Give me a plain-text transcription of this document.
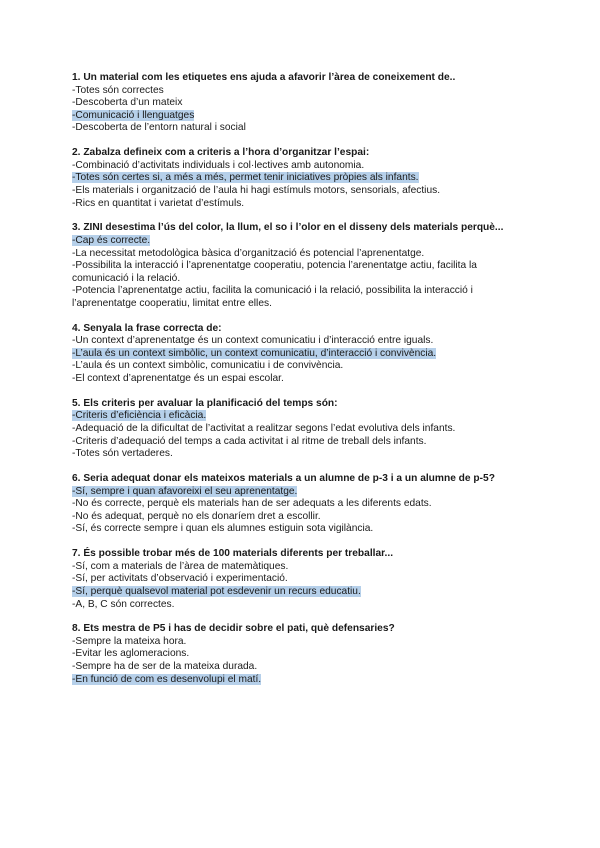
1. Un material com les etiquetes ens ajuda a afavorir l’àrea de coneixement de..
-Totes són correctes
-Descoberta d’un mateix
-Comunicació i llenguatges
-Descoberta de l’entorn natural i social
2. Zabalza defineix com a criteris a l’hora d’organitzar l’espai:
-Combinació d’activitats individuals i col·lectives amb autonomia.
-Totes són certes si, a més a més, permet tenir iniciatives pròpies als infants.
-Els materials i organització de l’aula hi hagi estímuls motors, sensorials, afectius.
-Rics en quantitat i varietat d’estímuls.
3. ZINI desestima l’ús del color, la llum, el so i l’olor en el disseny dels materials perquè...
-Cap és correcte.
-La necessitat metodològica bàsica d’organització és potencial l’aprenentatge.
-Possibilita la interacció i l’aprenentatge cooperatiu, potencia l’arenentatge actiu, facilita la comunicació i la relació.
-Potencia l’aprenentatge actiu, facilita la comunicació i la relació, possibilita la interacció i l’aprenentatge cooperatiu, limitat entre elles.
4. Senyala la frase correcta de:
-Un context d’aprenentatge és un context comunicatiu i d’interacció entre iguals.
-L’aula és un context simbòlic, un context comunicatiu, d’interacció i convivència.
-L’aula és un context simbòlic, comunicatiu i de convivència.
-El context d’aprenentatge és un espai escolar.
5. Els criteris per avaluar la planificació del temps són:
-Criteris d’eficiència i eficàcia.
-Adequació de la dificultat de l’activitat a realitzar segons l’edat evolutiva dels infants.
-Criteris d’adequació del temps a cada activitat i al ritme de treball dels infants.
-Totes són vertaderes.
6. Seria adequat donar els mateixos materials a un alumne de p-3 i a un alumne de p-5?
-Sí, sempre i quan afavoreixi el seu aprenentatge.
-No és correcte, perquè els materials han de ser adequats a les diferents edats.
-No és adequat, perquè no els donaríem dret a escollir.
-Sí, és correcte sempre i quan els alumnes estiguin sota vigilància.
7. És possible trobar més de 100 materials diferents per treballar...
-Sí, com a materials de l’àrea de matemàtiques.
-Sí, per activitats d’observació i experimentació.
-Sí, perquè qualsevol material pot esdevenir un recurs educatiu.
-A, B, C són correctes.
8. Ets mestra de P5 i has de decidir sobre el pati, què defensaries?
-Sempre la mateixa hora.
-Evitar les aglomeracions.
-Sempre ha de ser de la mateixa durada.
-En funció de com es desenvolupi el matí.
